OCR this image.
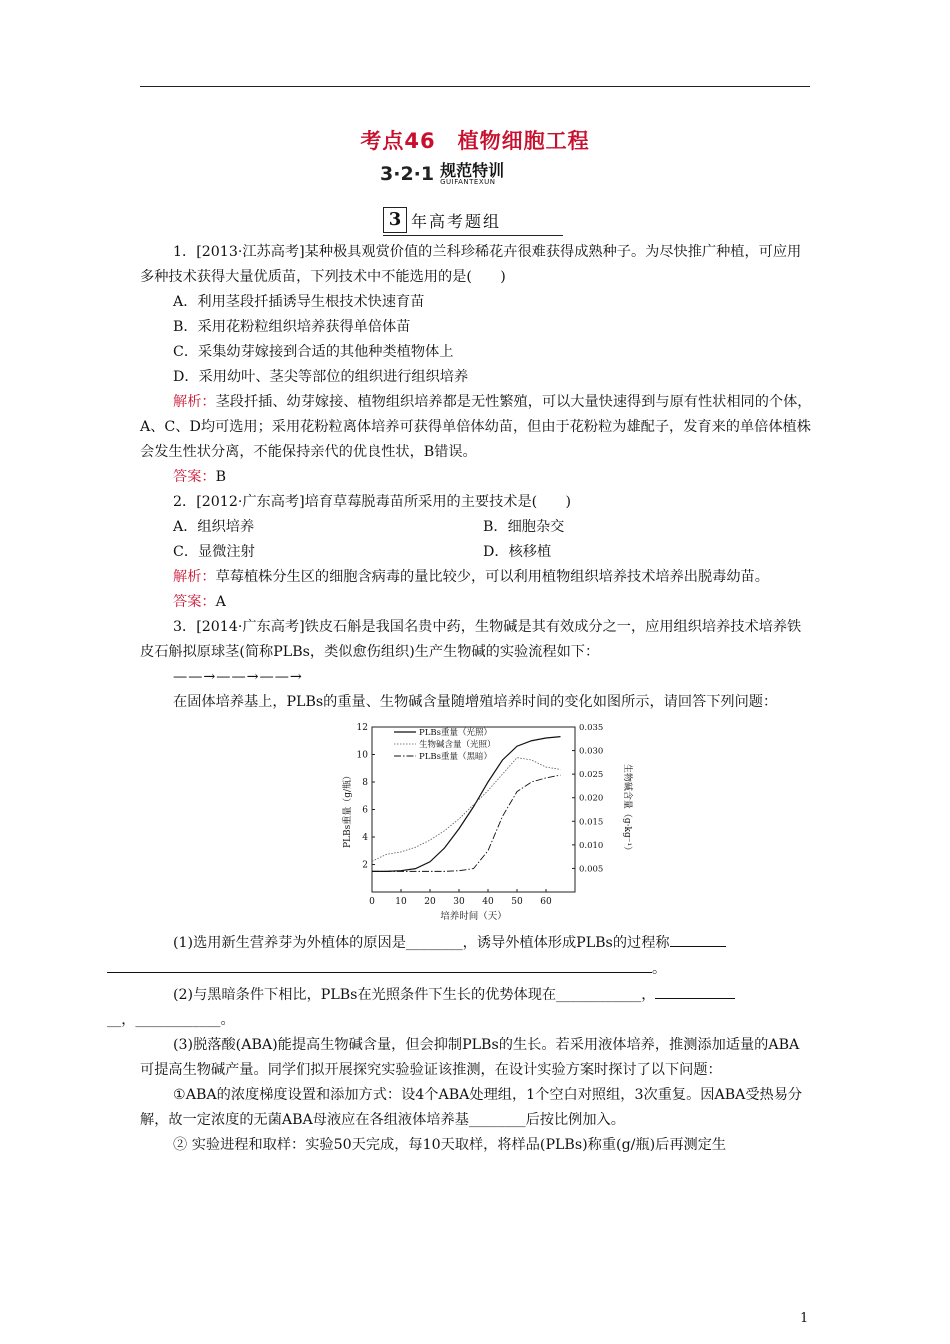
考点46　植物细胞工程
3·2·1 规范特训
GUIFANTEXUN
3 年高考题组

1．[2013·江苏高考]某种极具观赏价值的兰科珍稀花卉很难获得成熟种子。为尽快推广种植，可应用多种技术获得大量优质苗，下列技术中不能选用的是(　　)

A．利用茎段扦插诱导生根技术快速育苗

B．采用花粉粒组织培养获得单倍体苗

C．采集幼芽嫁接到合适的其他种类植物体上

D．采用幼叶、茎尖等部位的组织进行组织培养

解析：茎段扦插、幼芽嫁接、植物组织培养都是无性繁殖，可以大量快速得到与原有性状相同的个体，A、C、D均可选用；采用花粉粒离体培养可获得单倍体幼苗，但由于花粉粒为雄配子，发育来的单倍体植株会发生性状分离，不能保持亲代的优良性状，B错误。

答案：B

2．[2012·广东高考]培育草莓脱毒苗所采用的主要技术是(　　)

A．组织培养	B．细胞杂交
C．显微注射	D．核移植

解析：草莓植株分生区的细胞含病毒的量比较少，可以利用植物组织培养技术培养出脱毒幼苗。

答案：A

3．[2014·广东高考]铁皮石斛是我国名贵中药，生物碱是其有效成分之一，应用组织培养技术培养铁皮石斛拟原球茎(简称PLBs，类似愈伤组织)生产生物碱的实验流程如下：

——→——→——→

在固体培养基上，PLBs的重量、生物碱含量随增殖培养时间的变化如图所示，请回答下列问题：

0 10 20 30 40 50 60
2
4
6
8
10
12
0.005
0.010
0.015
0.020
0.025
0.030
0.035
培养时间（天）
PLBs重量（g/瓶）	生物碱含量（g·kg⁻¹）
PLBs重量（光照）
生物碱含量（光照）
PLBs重量（黑暗）

(1)选用新生营养芽为外植体的原因是________，诱导外植体形成PLBs的过程称
。

(2)与黑暗条件下相比，PLBs在光照条件下生长的优势体现在____________，
__，____________。

(3)脱落酸(ABA)能提高生物碱含量，但会抑制PLBs的生长。若采用液体培养，推测添加适量的ABA可提高生物碱产量。同学们拟开展探究实验验证该推测，在设计实验方案时探讨了以下问题：

①ABA的浓度梯度设置和添加方式：设4个ABA处理组，1个空白对照组，3次重复。因ABA受热易分解，故一定浓度的无菌ABA母液应在各组液体培养基________后按比例加入。

② 实验进程和取样：实验50天完成，每10天取样，将样品(PLBs)称重(g/瓶)后再测定生

1
